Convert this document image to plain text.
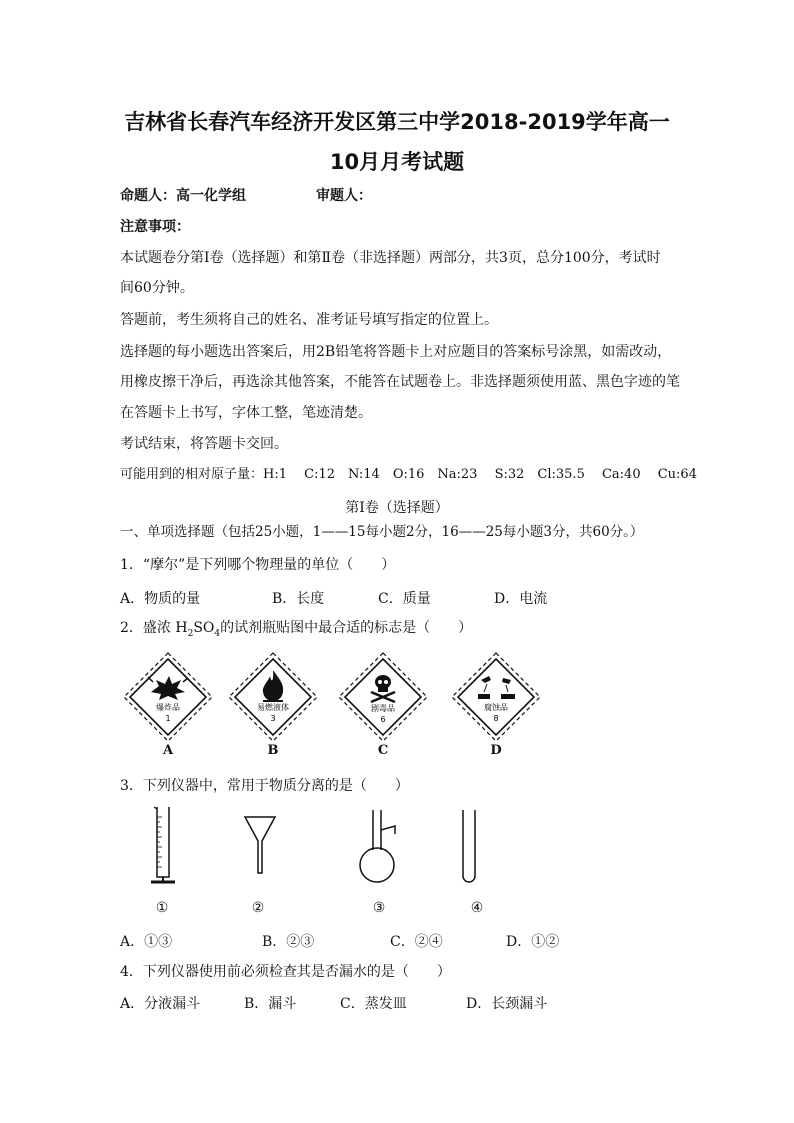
吉林省长春汽车经济开发区第三中学2018-2019学年高一
10月月考试题
命题人：高一化学组	审题人：
注意事项：
本试题卷分第Ⅰ卷（选择题）和第Ⅱ卷（非选择题）两部分，共3页，总分100分，考试时
间60分钟。
答题前，考生须将自己的姓名、准考证号填写指定的位置上。
选择题的每小题选出答案后，用2B铅笔将答题卡上对应题目的答案标号涂黑，如需改动，
用橡皮擦干净后，再选涂其他答案，不能答在试题卷上。非选择题须使用蓝、黑色字迹的笔
在答题卡上书写，字体工整，笔迹清楚。
考试结束，将答题卡交回。
可能用到的相对原子量：H:1　 C:12　N:14　O:16　Na:23　 S:32　Cl:35.5　 Ca:40　 Cu:64
第Ⅰ卷（选择题）
一、单项选择题（包括25小题，1——15每小题2分，16——25每小题3分，共60分。）
1．“摩尔”是下列哪个物理量的单位（　　）
A．物质的量	B．长度	C．质量	D．电流
2．盛浓 $H_2SO_4$的试剂瓶贴图中最合适的标志是（　　）
爆炸品
1
A
易燃液体
3
B
剧毒品
6
C
腐蚀品
8
D
3．下列仪器中，常用于物质分离的是（　　）
①	②	③	④
A．①③	B．②③	C．②④	D．①②
4．下列仪器使用前必须检查其是否漏水的是（　　）
A．分液漏斗	B．漏斗	C．蒸发皿	D．长颈漏斗
